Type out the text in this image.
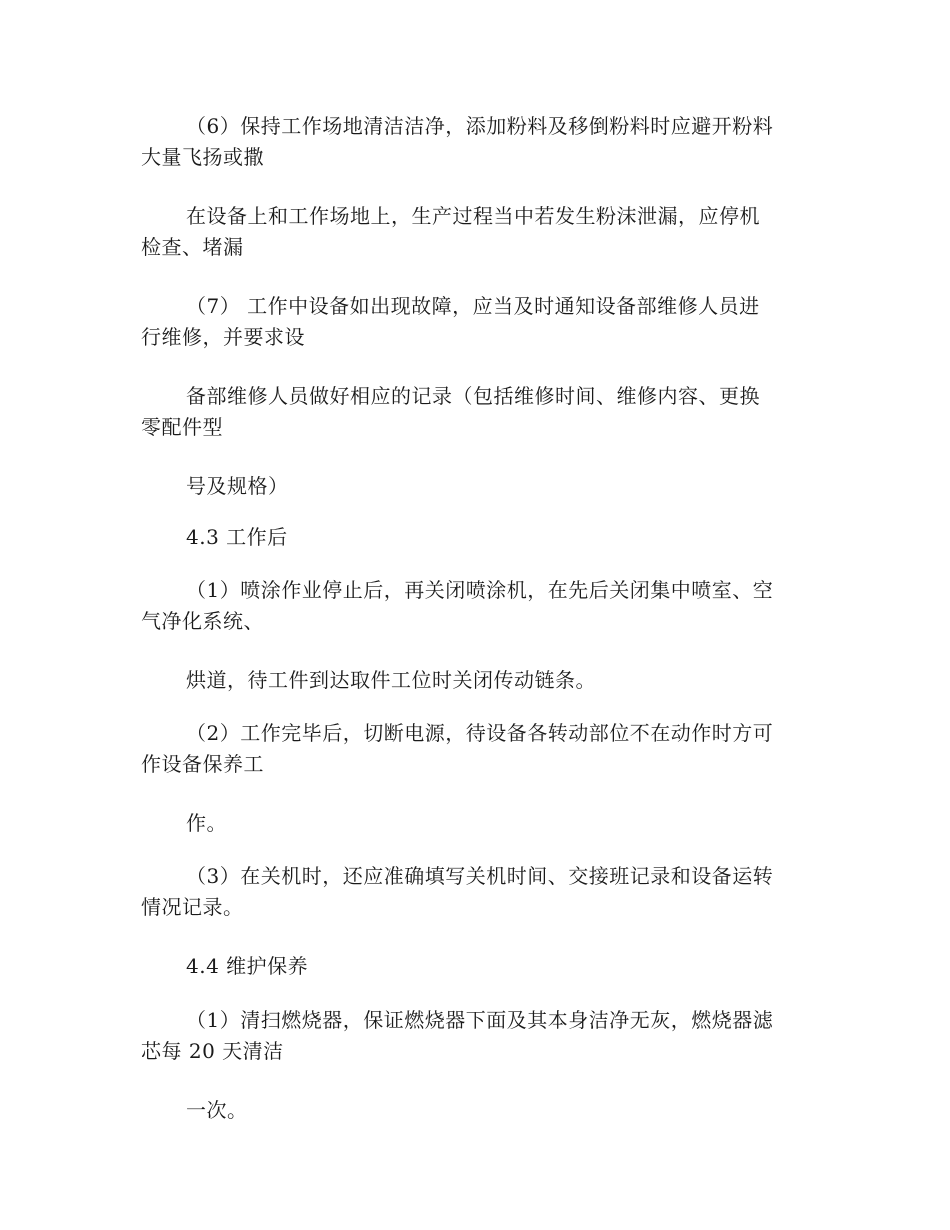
（6）保持工作场地清洁洁净，添加粉料及移倒粉料时应避开粉料
大量飞扬或撒
在设备上和工作场地上，生产过程当中若发生粉沫泄漏，应停机
检查、堵漏
（7） 工作中设备如出现故障，应当及时通知设备部维修人员进
行维修，并要求设
备部维修人员做好相应的记录（包括维修时间、维修内容、更换
零配件型
号及规格）
4.3 工作后
（1）喷涂作业停止后，再关闭喷涂机，在先后关闭集中喷室、空
气净化系统、
烘道，待工件到达取件工位时关闭传动链条。
（2）工作完毕后，切断电源，待设备各转动部位不在动作时方可
作设备保养工
作。
（3）在关机时，还应准确填写关机时间、交接班记录和设备运转
情况记录。
4.4 维护保养
（1）清扫燃烧器，保证燃烧器下面及其本身洁净无灰，燃烧器滤
芯每 20 天清洁
一次。
